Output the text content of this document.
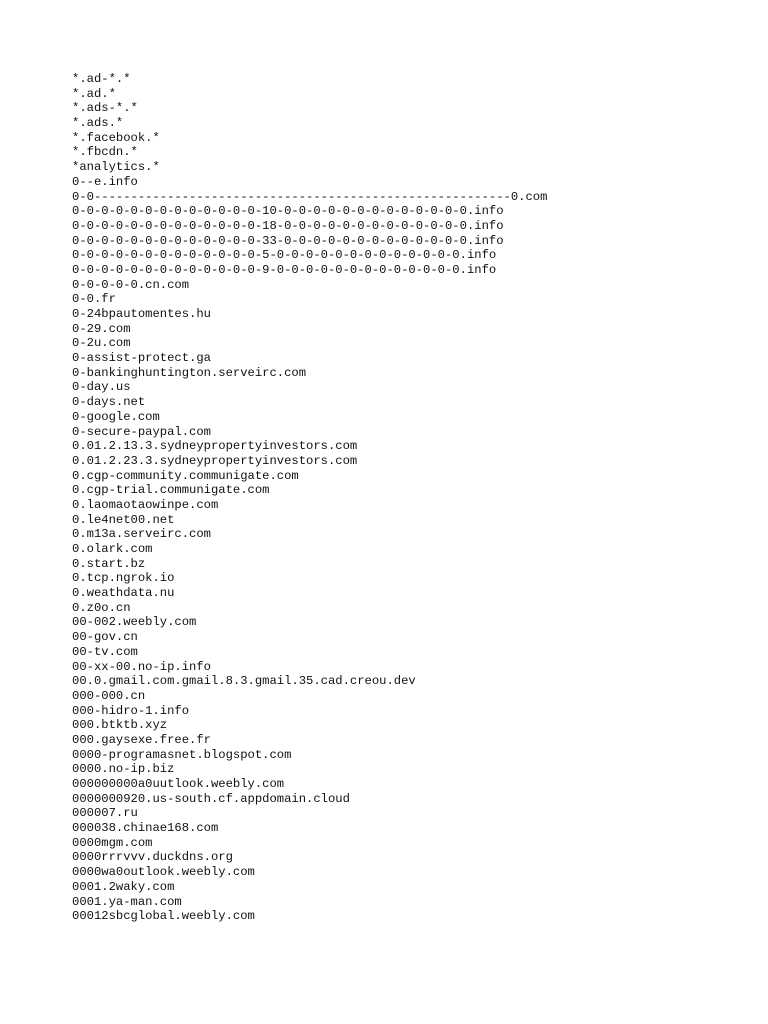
*.ad-*.*
*.ad.*
*.ads-*.*
*.ads.*
*.facebook.*
*.fbcdn.*
*analytics.*
0--e.info
0-0---------------------------------------------------------0.com
0-0-0-0-0-0-0-0-0-0-0-0-0-10-0-0-0-0-0-0-0-0-0-0-0-0-0.info
0-0-0-0-0-0-0-0-0-0-0-0-0-18-0-0-0-0-0-0-0-0-0-0-0-0-0.info
0-0-0-0-0-0-0-0-0-0-0-0-0-33-0-0-0-0-0-0-0-0-0-0-0-0-0.info
0-0-0-0-0-0-0-0-0-0-0-0-0-5-0-0-0-0-0-0-0-0-0-0-0-0-0.info
0-0-0-0-0-0-0-0-0-0-0-0-0-9-0-0-0-0-0-0-0-0-0-0-0-0-0.info
0-0-0-0-0.cn.com
0-0.fr
0-24bpautomentes.hu
0-29.com
0-2u.com
0-assist-protect.ga
0-bankinghuntington.serveirc.com
0-day.us
0-days.net
0-google.com
0-secure-paypal.com
0.01.2.13.3.sydneypropertyinvestors.com
0.01.2.23.3.sydneypropertyinvestors.com
0.cgp-community.communigate.com
0.cgp-trial.communigate.com
0.laomaotaowinpe.com
0.le4net00.net
0.m13a.serveirc.com
0.olark.com
0.start.bz
0.tcp.ngrok.io
0.weathdata.nu
0.z0o.cn
00-002.weebly.com
00-gov.cn
00-tv.com
00-xx-00.no-ip.info
00.0.gmail.com.gmail.8.3.gmail.35.cad.creou.dev
000-000.cn
000-hidro-1.info
000.btktb.xyz
000.gaysexe.free.fr
0000-programasnet.blogspot.com
0000.no-ip.biz
000000000a0uutlook.weebly.com
0000000920.us-south.cf.appdomain.cloud
000007.ru
000038.chinae168.com
0000mgm.com
0000rrrvvv.duckdns.org
0000wa0outlook.weebly.com
0001.2waky.com
0001.ya-man.com
00012sbcglobal.weebly.com
